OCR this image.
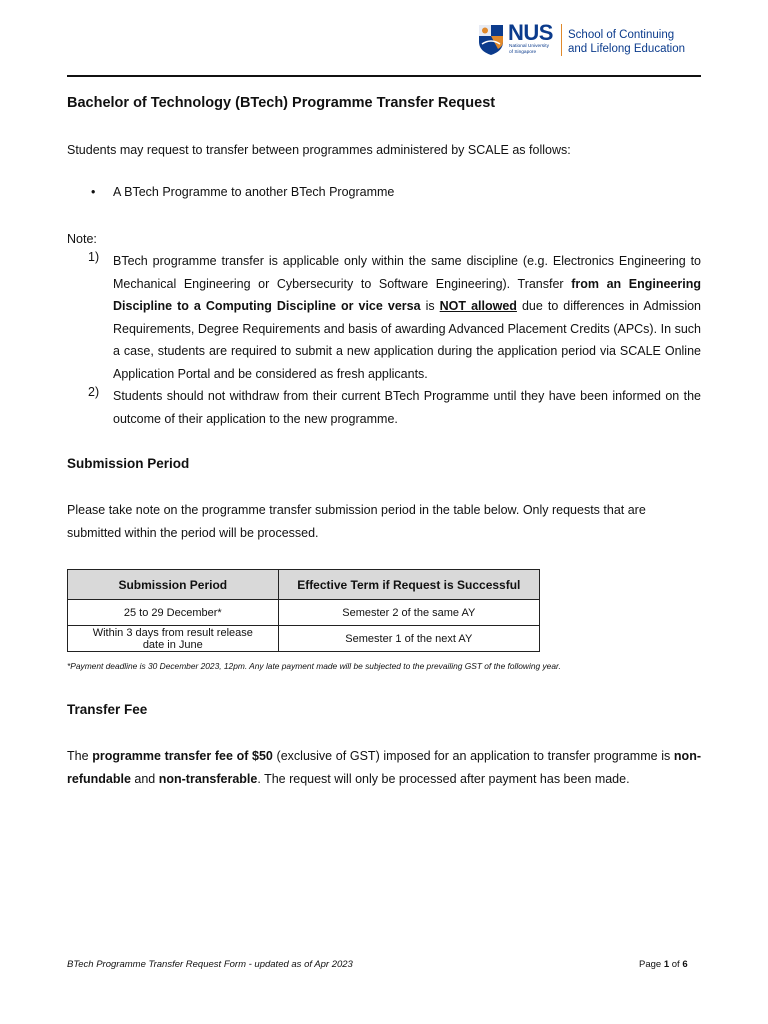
NUS
National University
of Singapore
School of Continuing
and Lifelong Education
Bachelor of Technology (BTech) Programme Transfer Request

Students may request to transfer between programmes administered by SCALE as follows:

• A BTech Programme to another BTech Programme
Note:
1) BTech programme transfer is applicable only within the same discipline (e.g. Electronics Engineering to Mechanical Engineering or Cybersecurity to Software Engineering). Transfer from an Engineering Discipline to a Computing Discipline or vice versa is NOT allowed due to differences in Admission Requirements, Degree Requirements and basis of awarding Advanced Placement Credits (APCs). In such a case, students are required to submit a new application during the application period via SCALE Online Application Portal and be considered as fresh applicants.

2) Students should not withdraw from their current BTech Programme until they have been informed on the outcome of their application to the new programme.

Submission Period

Please take note on the programme transfer submission period in the table below. Only requests that are submitted within the period will be processed.

Submission Period	Effective Term if Request is Successful
25 to 29 December*	Semester 2 of the same AY
Within 3 days from result release date in June	Semester 1 of the next AY
*Payment deadline is 30 December 2023, 12pm. Any late payment made will be subjected to the prevailing GST of the following year.
Transfer Fee

The programme transfer fee of $50 (exclusive of GST) imposed for an application to transfer programme is non-refundable and non-transferable. The request will only be processed after payment has been made.

BTech Programme Transfer Request Form - updated as of Apr 2023	Page 1 of 6
